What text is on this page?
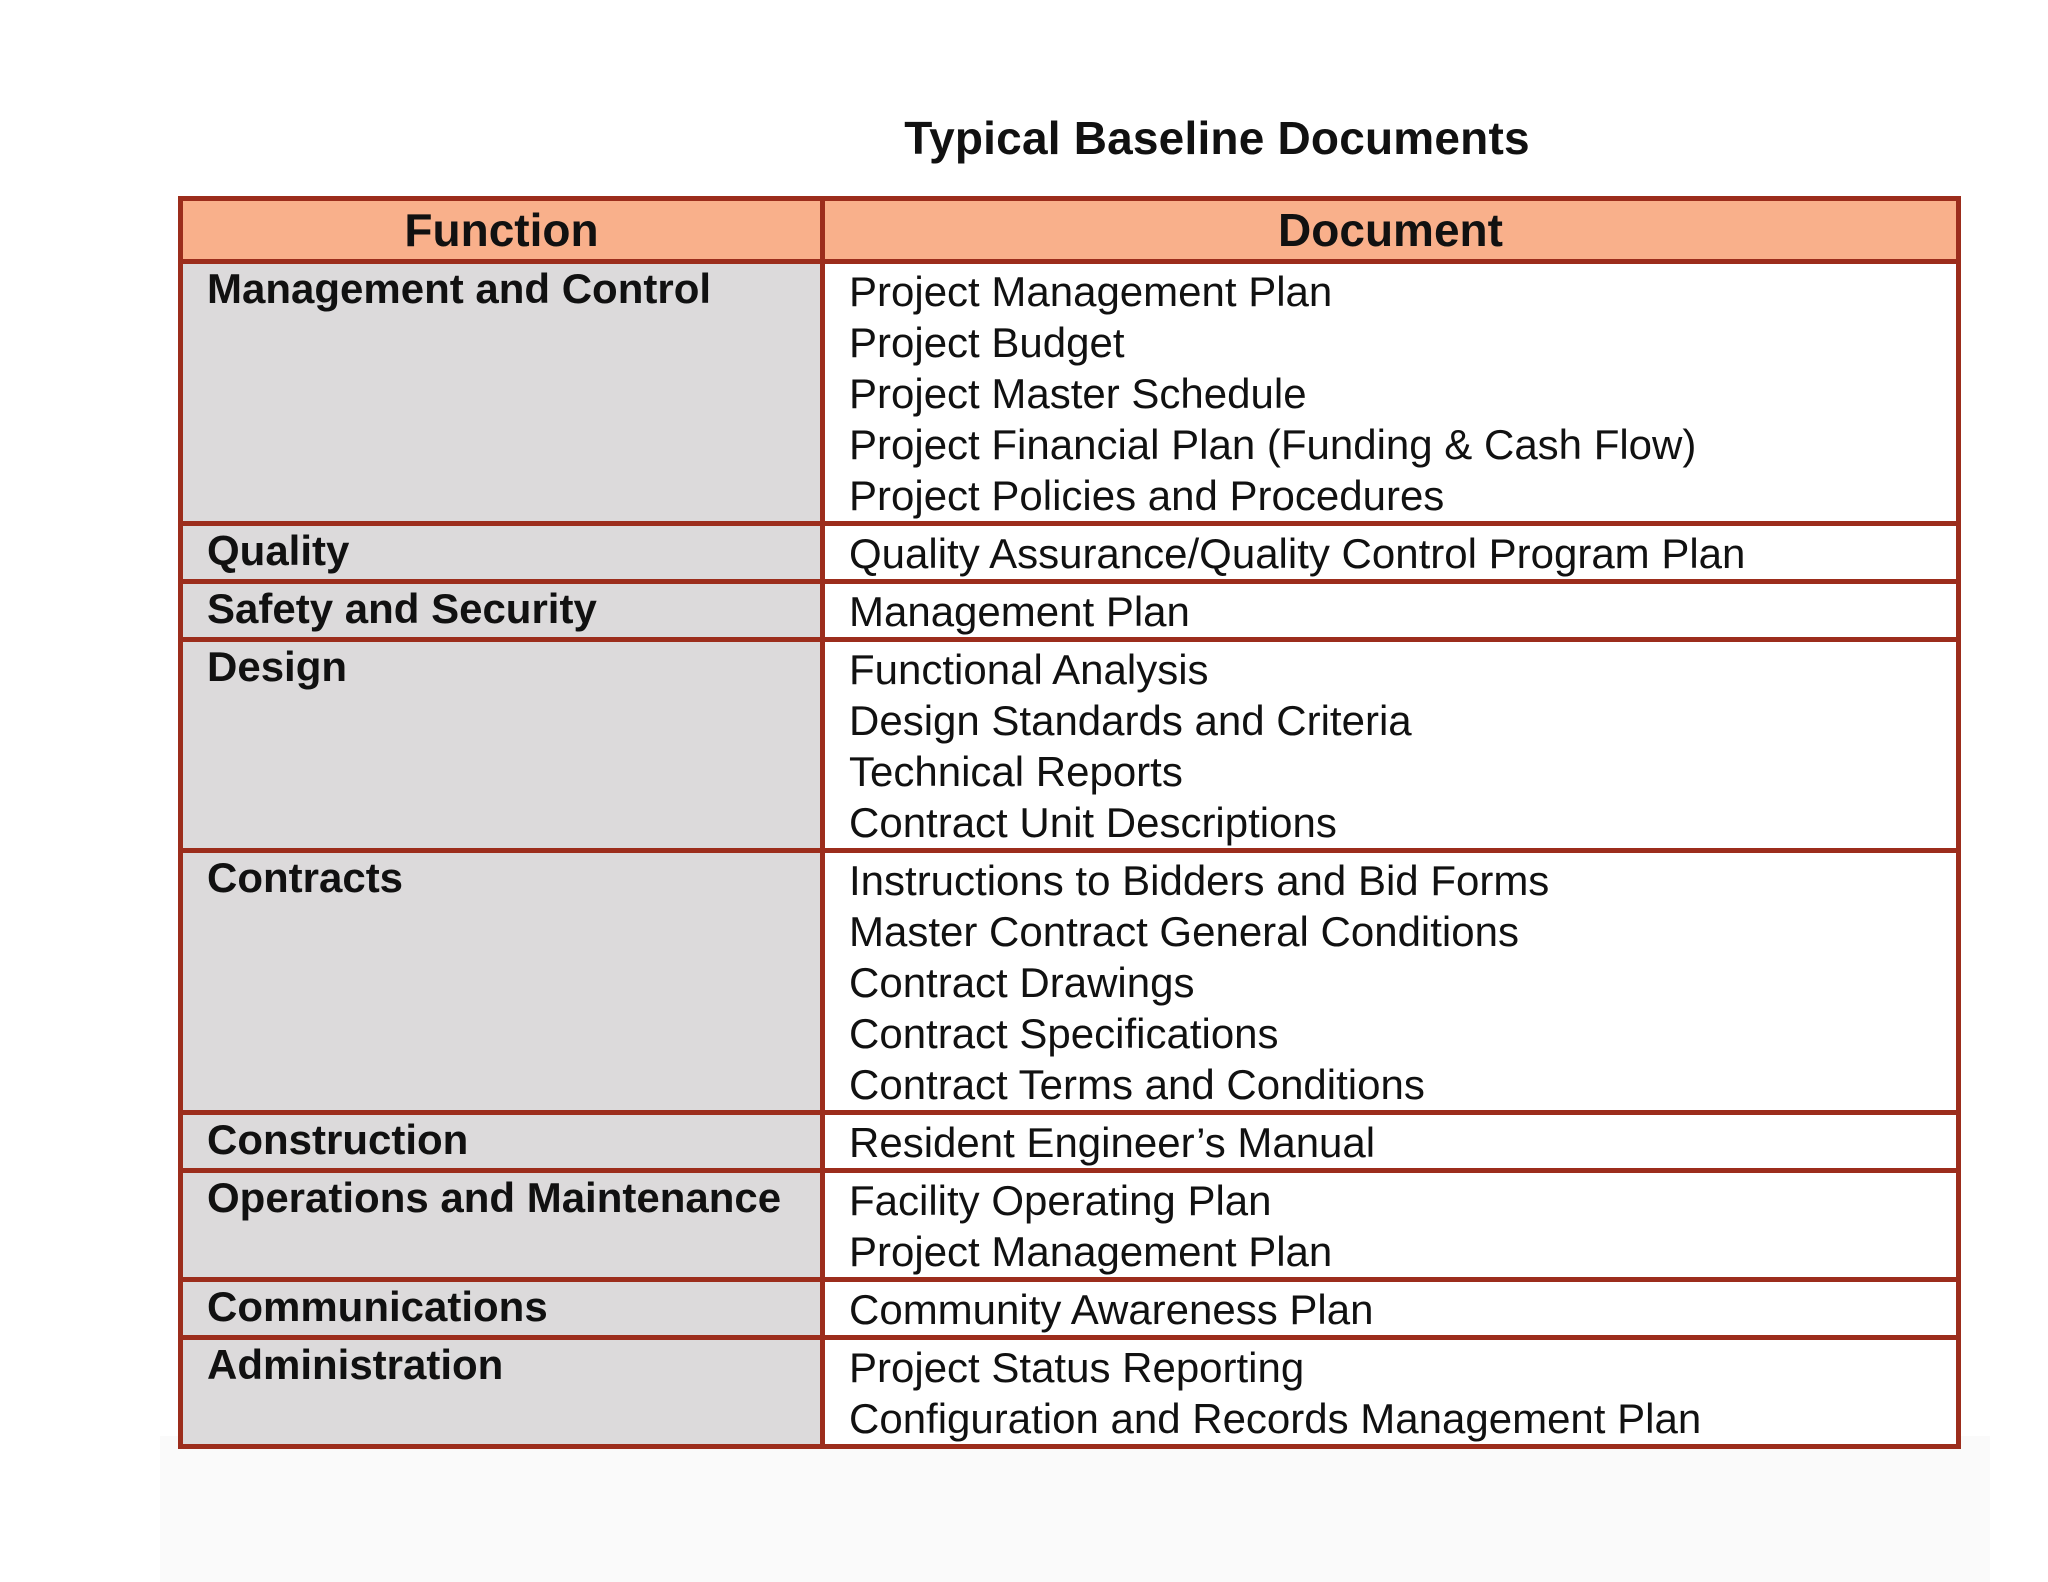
Typical Baseline Documents
Function	Document

Management and Control	Project Management Plan
Project Budget
Project Master Schedule
Project Financial Plan (Funding & Cash Flow)
Project Policies and Procedures

Quality	Quality Assurance/Quality Control Program Plan

Safety and Security	Management Plan

Design	Functional Analysis
Design Standards and Criteria
Technical Reports
Contract Unit Descriptions

Contracts	Instructions to Bidders and Bid Forms
Master Contract General Conditions
Contract Drawings
Contract Specifications
Contract Terms and Conditions

Construction	Resident Engineer’s Manual

Operations and Maintenance	Facility Operating Plan
Project Management Plan

Communications	Community Awareness Plan

Administration	Project Status Reporting
Configuration and Records Management Plan
